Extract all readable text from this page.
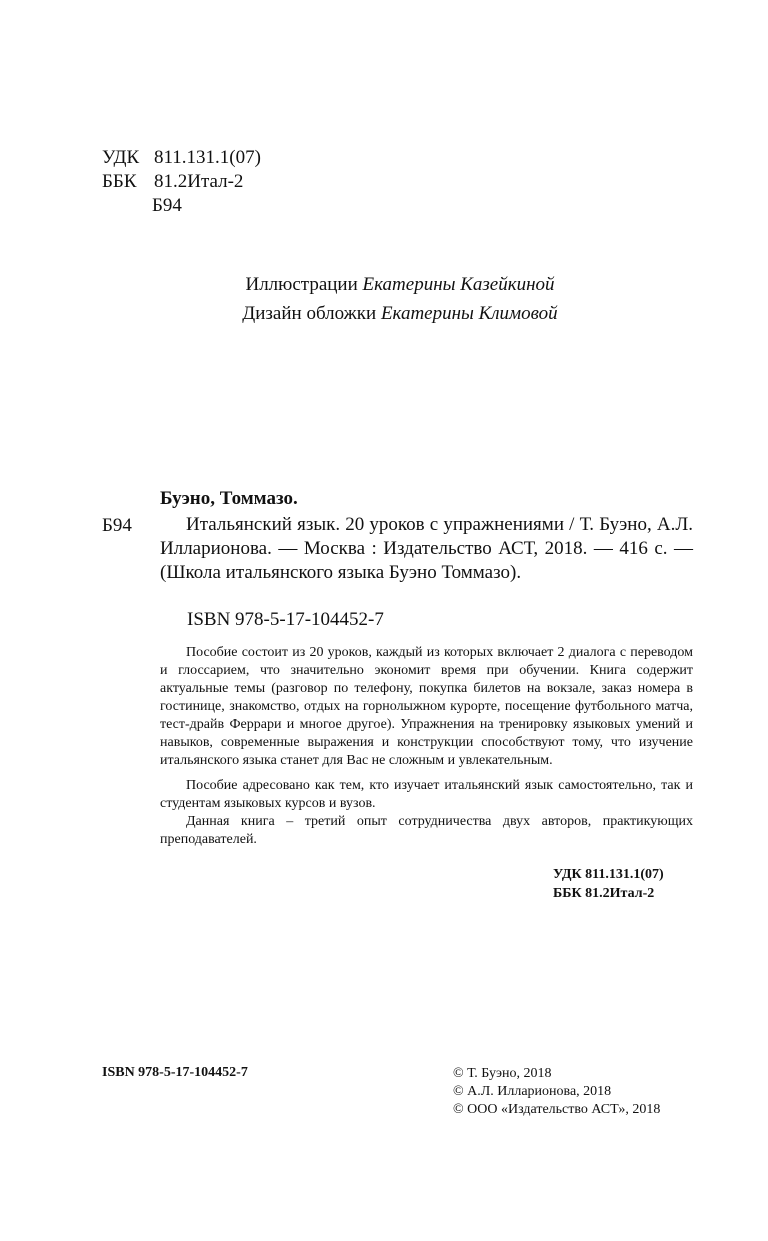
УДК 811.131.1(07)
ББК 81.2Итал-2
Б94
Иллюстрации Екатерины Казейкиной
Дизайн обложки Екатерины Климовой
Буэно, Томмазо.
Б94	Итальянский язык. 20 уроков с упражнениями / Т. Буэно, А.Л. Илларионова. — Москва : Издательство АСТ, 2018. — 416 с. — (Школа итальянского языка Буэно Томмазо).
ISBN 978-5-17-104452-7

Пособие состоит из 20 уроков, каждый из которых включает 2 диалога с переводом и глоссарием, что значительно экономит время при обучении. Книга содержит актуальные темы (разговор по телефону, покупка билетов на вокзале, заказ номера в гостинице, знакомство, отдых на горнолыжном курорте, посещение футбольного матча, тест-драйв Феррари и многое другое). Упражнения на тренировку языковых умений и навыков, современные выражения и конструкции способствуют тому, что изучение итальянского языка станет для Вас не сложным и увлекательным.

Пособие адресовано как тем, кто изучает итальянский язык самостоятельно, так и студентам языковых курсов и вузов.

Данная книга – третий опыт сотрудничества двух авторов, практикующих преподавателей.

УДК 811.131.1(07)
ББК 81.2Итал-2
ISBN 978-5-17-104452-7	© Т. Буэно, 2018
© А.Л. Илларионова, 2018
© ООО «Издательство АСТ», 2018
